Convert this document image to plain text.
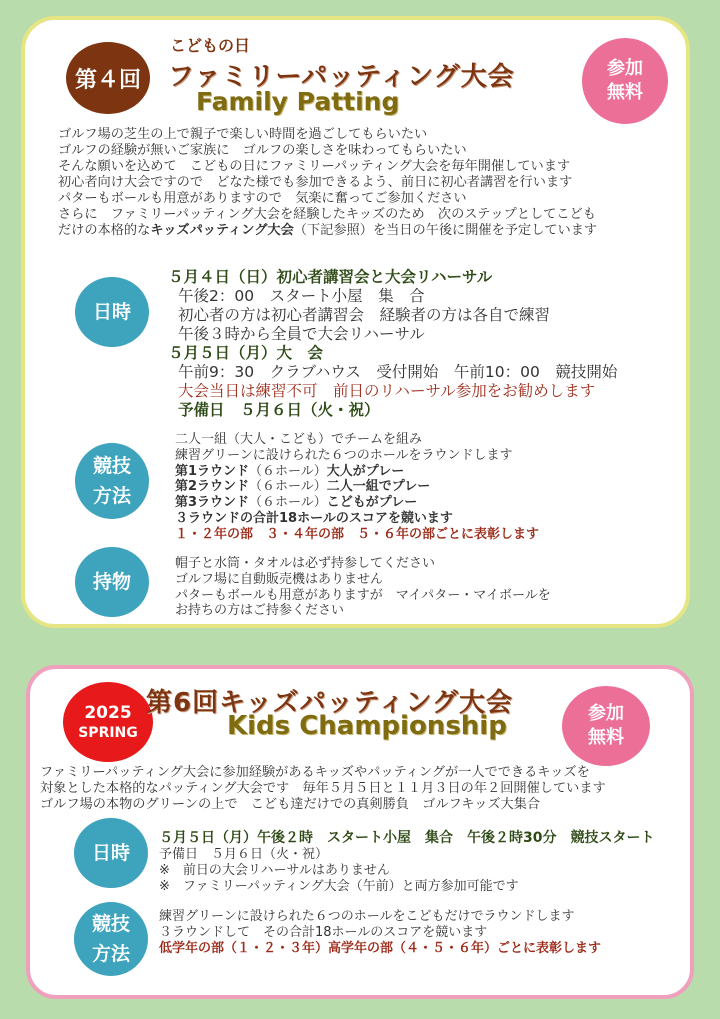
第４回
こどもの日
ファミリーパッティング大会
Family Patting
参加
無料
ゴルフ場の芝生の上で親子で楽しい時間を過ごしてもらいたい
ゴルフの経験が無いご家族に　ゴルフの楽しさを味わってもらいたい
そんな願いを込めて　こどもの日にファミリーパッティング大会を毎年開催しています
初心者向け大会ですので　どなた様でも参加できるよう、前日に初心者講習を行います
パターもボールも用意がありますので　気楽に奮ってご参加ください
さらに　ファミリーパッティング大会を経験したキッズのため　次のステップとしてこども
だけの本格的なキッズパッティング大会（下記参照）を当日の午後に開催を予定しています
日時
５月４日（日）初心者講習会と大会リハーサル
午後2：00　スタート小屋　集　合
初心者の方は初心者講習会　経験者の方は各自で練習
午後３時から全員で大会リハーサル
５月５日（月）大　会
午前9：30　クラブハウス　受付開始　午前10：00　競技開始
大会当日は練習不可　前日のリハーサル参加をお勧めします
予備日　５月６日（火・祝）
競技
方法
二人一組（大人・こども）でチームを組み
練習グリーンに設けられた６つのホールをラウンドします
第1ラウンド（６ホール）大人がプレー
第2ラウンド（６ホール）二人一組でプレー
第3ラウンド（６ホール）こどもがプレー
３ラウンドの合計18ホールのスコアを競います
１・２年の部　３・４年の部　５・６年の部ごとに表彰します
持物
帽子と水筒・タオルは必ず持参してください
ゴルフ場に自動販売機はありません
パターもボールも用意がありますが　マイパター・マイボールを
お持ちの方はご持参ください
2025
SPRING
第6回キッズパッティング大会
Kids Championship	参加
無料
ファミリーパッティング大会に参加経験があるキッズやパッティングが一人でできるキッズを
対象とした本格的なパッティング大会です　毎年５月５日と１１月３日の年２回開催しています
ゴルフ場の本物のグリーンの上で　こども達だけでの真剣勝負　ゴルフキッズ大集合
日時
５月５日（月）午後２時　スタート小屋　集合　午後２時30分　競技スタート
予備日　５月６日（火・祝）
※　前日の大会リハーサルはありません
※　ファミリーパッティング大会（午前）と両方参加可能です
競技
方法
練習グリーンに設けられた６つのホールをこどもだけでラウンドします
３ラウンドして　その合計18ホールのスコアを競います
低学年の部（１・２・３年）高学年の部（４・５・６年）ごとに表彰します
